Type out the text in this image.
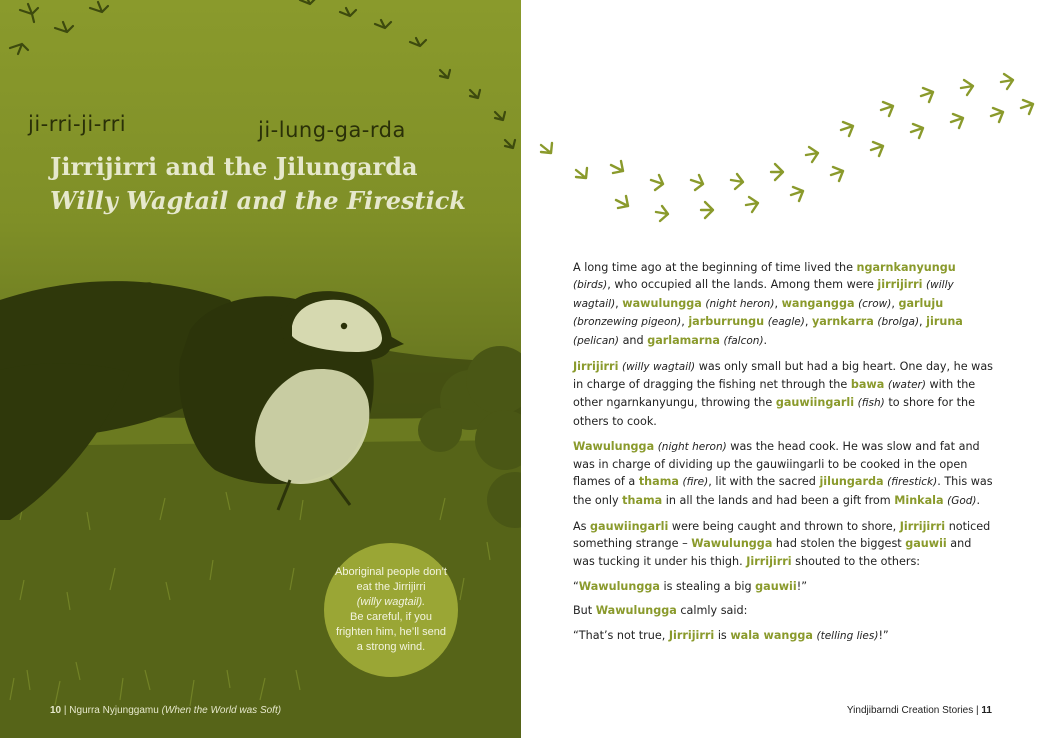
ji-rri-ji-rri	ji-lung-ga-rda
Jirrijirri and the Jilungarda
Willy Wagtail and the Firestick

Aboriginal people don’t eat the Jirrijirri
(willy wagtail).
Be careful, if you frighten him, he’ll send a strong wind.

10 | Ngurra Nyjunggamu (When the World was Soft)

A long time ago at the beginning of time lived the ngarnkanyungu (birds), who occupied all the lands. Among them were jirrijirri (willy wagtail), wawulungga (night heron), wangangga (crow), garluju (bronzewing pigeon), jarburrungu (eagle), yarnkarra (brolga), jiruna (pelican) and garlamarna (falcon).

Jirrijirri (willy wagtail) was only small but had a big heart. One day, he was in charge of dragging the fishing net through the bawa (water) with the other ngarnkanyungu, throwing the gauwiingarli (fish) to shore for the others to cook.

Wawulungga (night heron) was the head cook. He was slow and fat and was in charge of dividing up the gauwiingarli to be cooked in the open flames of a thama (fire), lit with the sacred jilungarda (firestick). This was the only thama in all the lands and had been a gift from Minkala (God).

As gauwiingarli were being caught and thrown to shore, Jirrijirri noticed something strange – Wawulungga had stolen the biggest gauwii and was tucking it under his thigh. Jirrijirri shouted to the others:

“Wawulungga is stealing a big gauwii!”

But Wawulungga calmly said:

“That’s not true, Jirrijirri is wala wangga (telling lies)!”

Yindjibarndi Creation Stories | 11
